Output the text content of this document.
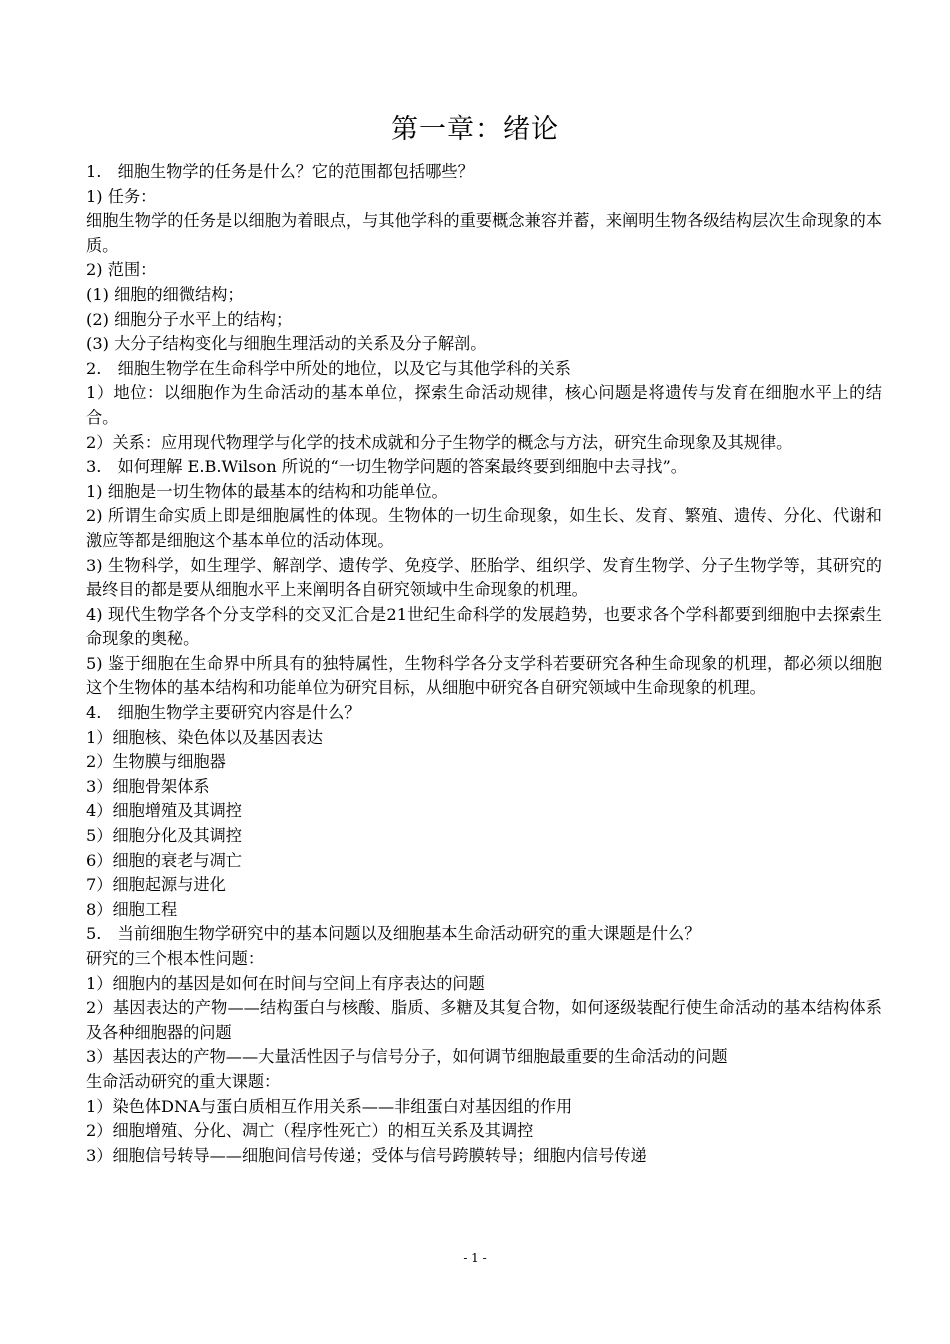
第一章：绪论

1.　细胞生物学的任务是什么？它的范围都包括哪些？

1) 任务：

细胞生物学的任务是以细胞为着眼点，与其他学科的重要概念兼容并蓄，来阐明生物各级结构层次生命现象的本质。

2) 范围：

(1) 细胞的细微结构；

(2) 细胞分子水平上的结构；

(3) 大分子结构变化与细胞生理活动的关系及分子解剖。

2.　细胞生物学在生命科学中所处的地位，以及它与其他学科的关系

1）地位：以细胞作为生命活动的基本单位，探索生命活动规律，核心问题是将遗传与发育在细胞水平上的结合。

2）关系：应用现代物理学与化学的技术成就和分子生物学的概念与方法，研究生命现象及其规律。

3.　如何理解 E.B.Wilson 所说的“一切生物学问题的答案最终要到细胞中去寻找”。

1) 细胞是一切生物体的最基本的结构和功能单位。

2) 所谓生命实质上即是细胞属性的体现。生物体的一切生命现象，如生长、发育、繁殖、遗传、分化、代谢和激应等都是细胞这个基本单位的活动体现。

3) 生物科学，如生理学、解剖学、遗传学、免疫学、胚胎学、组织学、发育生物学、分子生物学等，其研究的最终目的都是要从细胞水平上来阐明各自研究领域中生命现象的机理。

4) 现代生物学各个分支学科的交叉汇合是21世纪生命科学的发展趋势，也要求各个学科都要到细胞中去探索生命现象的奥秘。

5) 鉴于细胞在生命界中所具有的独特属性，生物科学各分支学科若要研究各种生命现象的机理，都必须以细胞这个生物体的基本结构和功能单位为研究目标，从细胞中研究各自研究领域中生命现象的机理。

4.　细胞生物学主要研究内容是什么？

1）细胞核、染色体以及基因表达

2）生物膜与细胞器

3）细胞骨架体系

4）细胞增殖及其调控

5）细胞分化及其调控

6）细胞的衰老与凋亡

7）细胞起源与进化

8）细胞工程

5.　当前细胞生物学研究中的基本问题以及细胞基本生命活动研究的重大课题是什么？

研究的三个根本性问题：

1）细胞内的基因是如何在时间与空间上有序表达的问题

2）基因表达的产物——结构蛋白与核酸、脂质、多糖及其复合物，如何逐级装配行使生命活动的基本结构体系及各种细胞器的问题

3）基因表达的产物——大量活性因子与信号分子，如何调节细胞最重要的生命活动的问题

生命活动研究的重大课题：

1）染色体DNA与蛋白质相互作用关系——非组蛋白对基因组的作用

2）细胞增殖、分化、凋亡（程序性死亡）的相互关系及其调控

3）细胞信号转导——细胞间信号传递；受体与信号跨膜转导；细胞内信号传递

- 1 -
